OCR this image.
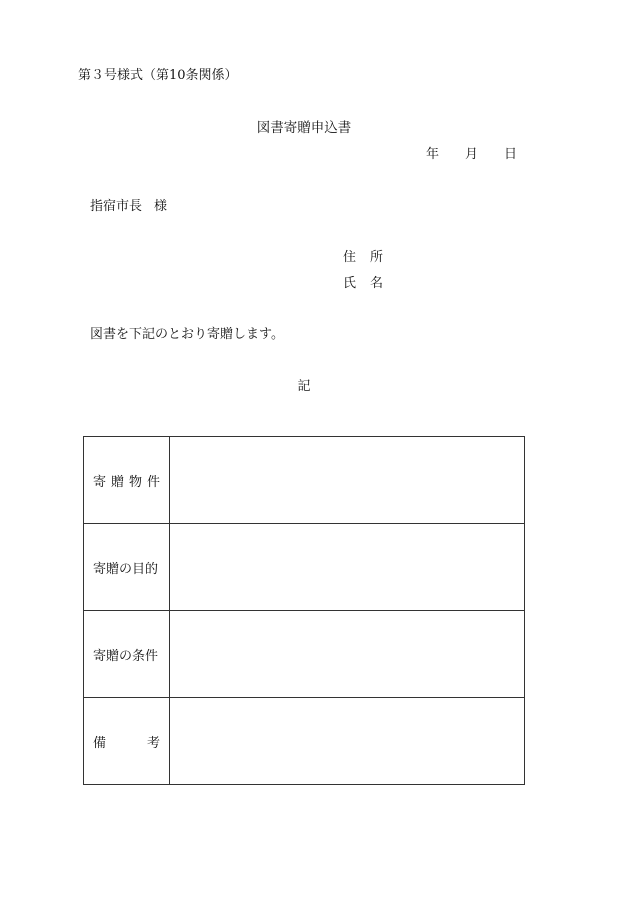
第３号様式（第10条関係）
図書寄贈申込書
年 月 日
指宿市長 様
住 所
氏 名
図書を下記のとおり寄贈します。
記
寄 贈 物 件	

寄贈の目的	

寄贈の条件	

備 考	
